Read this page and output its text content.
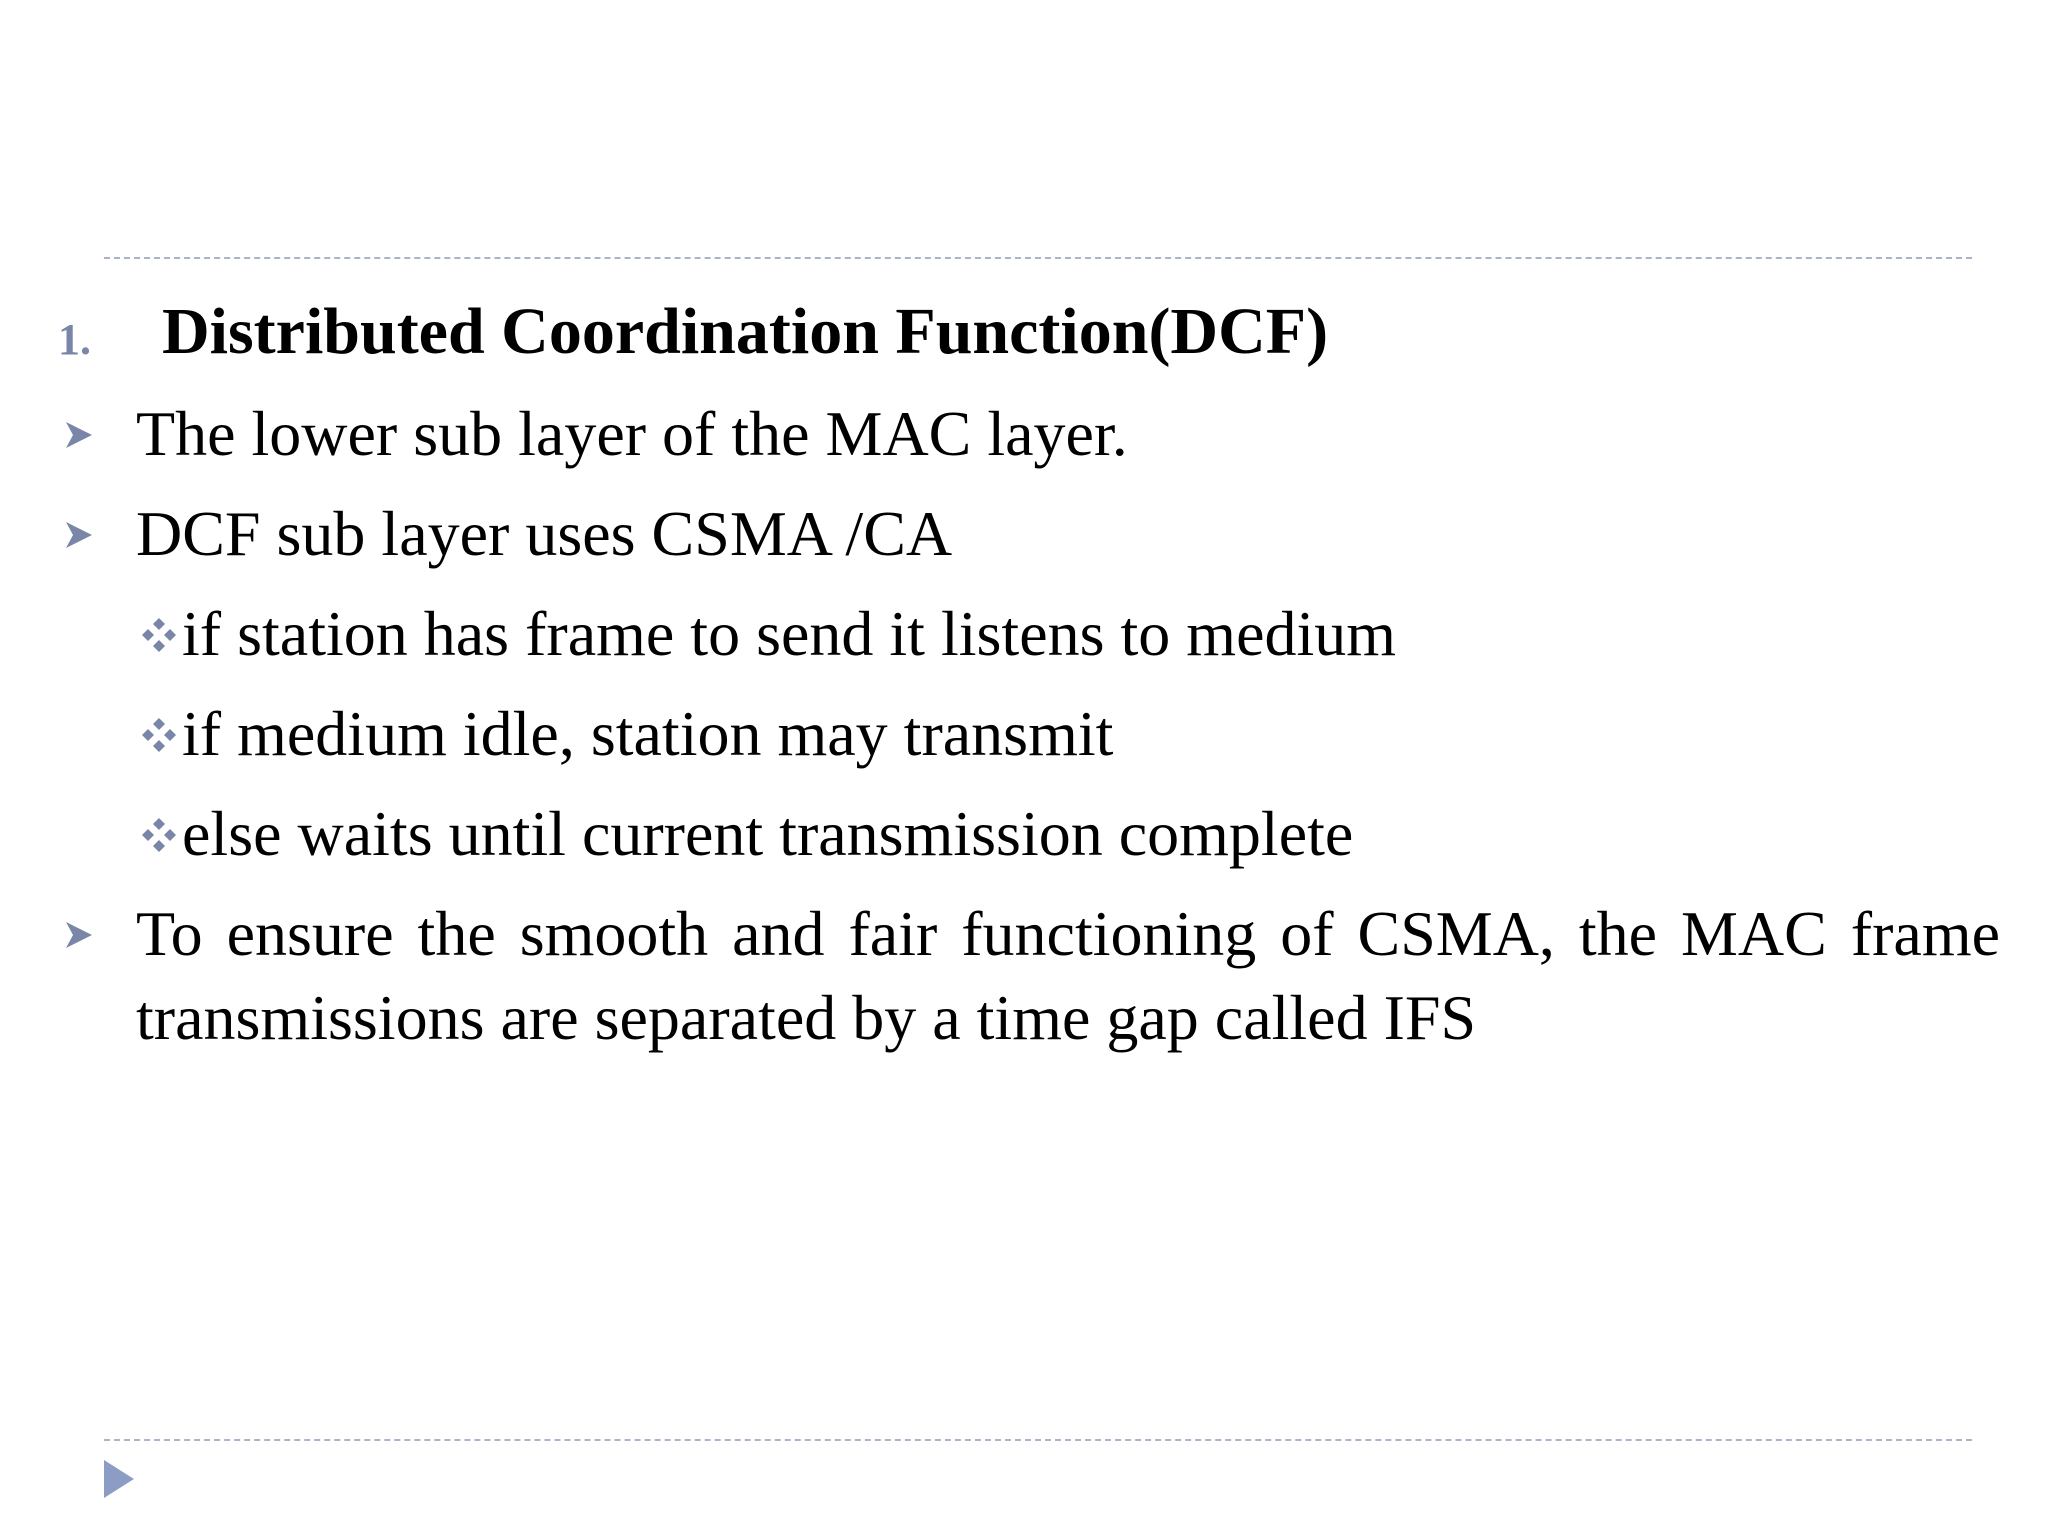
1. Distributed Coordination Function(DCF)
The lower sub layer of the MAC layer.
DCF sub layer uses CSMA /CA
if station has frame to send it listens to medium
if medium idle, station may transmit
else waits until current transmission complete
To ensure the smooth and fair functioning of CSMA, the MAC frame transmissions are separated by a time gap called IFS
